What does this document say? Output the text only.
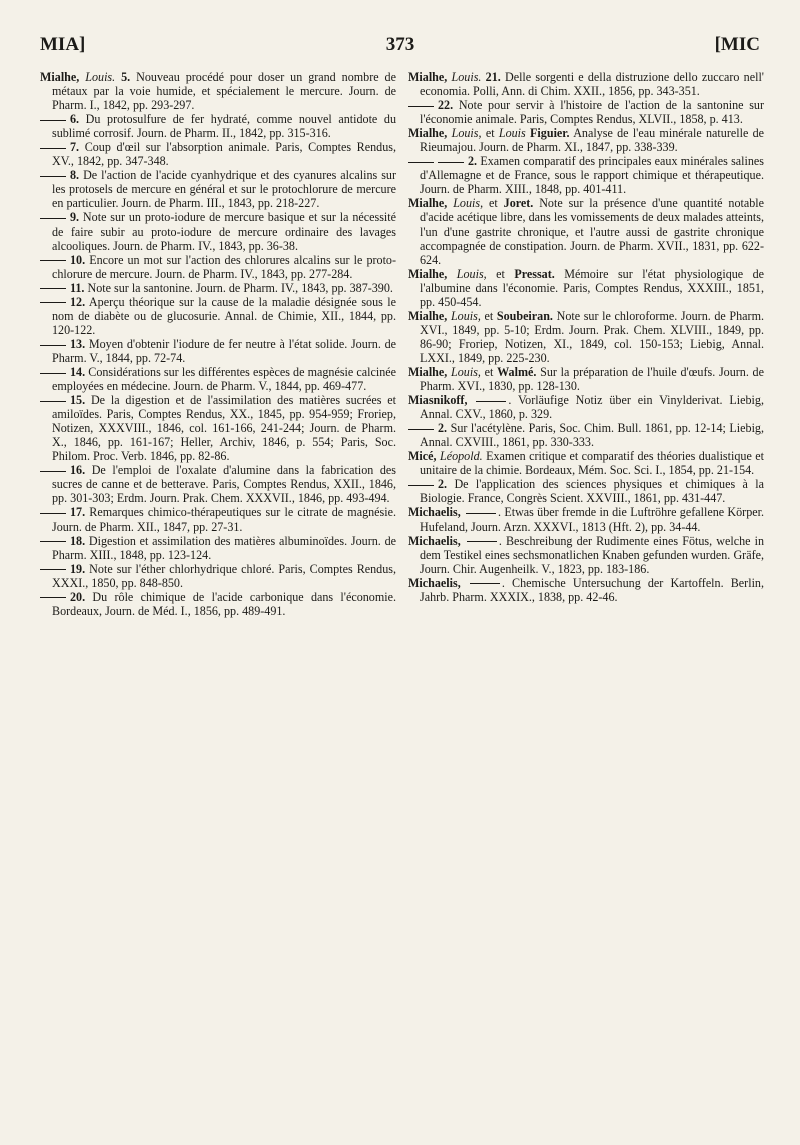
MIA]	373	[MIC

Mialhe, Louis. 5. Nouveau procédé pour doser un grand nombre de métaux par la voie humide, et spécialement le mercure. Journ. de Pharm. I., 1842, pp. 293-297.

6. Du protosulfure de fer hydraté, comme nouvel antidote du sublimé corrosif. Journ. de Pharm. II., 1842, pp. 315-316.

7. Coup d'œil sur l'absorption animale. Paris, Comptes Rendus, XV., 1842, pp. 347-348.

8. De l'action de l'acide cyanhydrique et des cyanures alcalins sur les protosels de mercure en général et sur le protochlorure de mercure en particulier. Journ. de Pharm. III., 1843, pp. 218-227.

9. Note sur un proto-iodure de mercure basique et sur la nécessité de faire subir au proto-iodure de mercure ordinaire des lavages alcooliques. Journ. de Pharm. IV., 1843, pp. 36-38.

10. Encore un mot sur l'action des chlorures alcalins sur le proto-chlorure de mercure. Journ. de Pharm. IV., 1843, pp. 277-284.

11. Note sur la santonine. Journ. de Pharm. IV., 1843, pp. 387-390.

12. Aperçu théorique sur la cause de la maladie désignée sous le nom de diabète ou de glucosurie. Annal. de Chimie, XII., 1844, pp. 120-122.

13. Moyen d'obtenir l'iodure de fer neutre à l'état solide. Journ. de Pharm. V., 1844, pp. 72-74.

14. Considérations sur les différentes espèces de magnésie calcinée employées en médecine. Journ. de Pharm. V., 1844, pp. 469-477.

15. De la digestion et de l'assimilation des matières sucrées et amiloïdes. Paris, Comptes Rendus, XX., 1845, pp. 954-959; Froriep, Notizen, XXXVIII., 1846, col. 161-166, 241-244; Journ. de Pharm. X., 1846, pp. 161-167; Heller, Archiv, 1846, p. 554; Paris, Soc. Philom. Proc. Verb. 1846, pp. 82-86.

16. De l'emploi de l'oxalate d'alumine dans la fabrication des sucres de canne et de betterave. Paris, Comptes Rendus, XXII., 1846, pp. 301-303; Erdm. Journ. Prak. Chem. XXXVII., 1846, pp. 493-494.

17. Remarques chimico-thérapeutiques sur le citrate de magnésie. Journ. de Pharm. XII., 1847, pp. 27-31.

18. Digestion et assimilation des matières albuminoïdes. Journ. de Pharm. XIII., 1848, pp. 123-124.

19. Note sur l'éther chlorhydrique chloré. Paris, Comptes Rendus, XXXI., 1850, pp. 848-850.

20. Du rôle chimique de l'acide carbonique dans l'économie. Bordeaux, Journ. de Méd. I., 1856, pp. 489-491.

Mialhe, Louis. 21. Delle sorgenti e della distruzione dello zuccaro nell' economia. Polli, Ann. di Chim. XXII., 1856, pp. 343-351.

22. Note pour servir à l'histoire de l'action de la santonine sur l'économie animale. Paris, Comptes Rendus, XLVII., 1858, p. 413.

Mialhe, Louis, et Louis Figuier. Analyse de l'eau minérale naturelle de Rieumajou. Journ. de Pharm. XI., 1847, pp. 338-339.

2. Examen comparatif des principales eaux minérales salines d'Allemagne et de France, sous le rapport chimique et thérapeutique. Journ. de Pharm. XIII., 1848, pp. 401-411.

Mialhe, Louis, et Joret. Note sur la présence d'une quantité notable d'acide acétique libre, dans les vomissements de deux malades atteints, l'un d'une gastrite chronique, et l'autre aussi de gastrite chronique accompagnée de constipation. Journ. de Pharm. XVII., 1831, pp. 622-624.

Mialhe, Louis, et Pressat. Mémoire sur l'état physiologique de l'albumine dans l'économie. Paris, Comptes Rendus, XXXIII., 1851, pp. 450-454.

Mialhe, Louis, et Soubeiran. Note sur le chloroforme. Journ. de Pharm. XVI., 1849, pp. 5-10; Erdm. Journ. Prak. Chem. XLVIII., 1849, pp. 86-90; Froriep, Notizen, XI., 1849, col. 150-153; Liebig, Annal. LXXI., 1849, pp. 225-230.

Mialhe, Louis, et Walmé. Sur la préparation de l'huile d'œufs. Journ. de Pharm. XVI., 1830, pp. 128-130.

Miasnikoff,	. Vorläufige Notiz über ein Vinylderivat. Liebig, Annal. CXV., 1860, p. 329.

2. Sur l'acétylène. Paris, Soc. Chim. Bull. 1861, pp. 12-14; Liebig, Annal. CXVIII., 1861, pp. 330-333.

Micé, Léopold. Examen critique et comparatif des théories dualistique et unitaire de la chimie. Bordeaux, Mém. Soc. Sci. I., 1854, pp. 21-154.

2. De l'application des sciences physiques et chimiques à la Biologie. France, Congrès Scient. XXVIII., 1861, pp. 431-447.

Michaelis,	. Etwas über fremde in die Luftröhre gefallene Körper. Hufeland, Journ. Arzn. XXXVI., 1813 (Hft. 2), pp. 34-44.

Michaelis,	. Beschreibung der Rudimente eines Fötus, welche in dem Testikel eines sechsmonatlichen Knaben gefunden wurden. Gräfe, Journ. Chir. Augenheilk. V., 1823, pp. 183-186.

Michaelis,	. Chemische Untersuchung der Kartoffeln. Berlin, Jahrb. Pharm. XXXIX., 1838, pp. 42-46.
